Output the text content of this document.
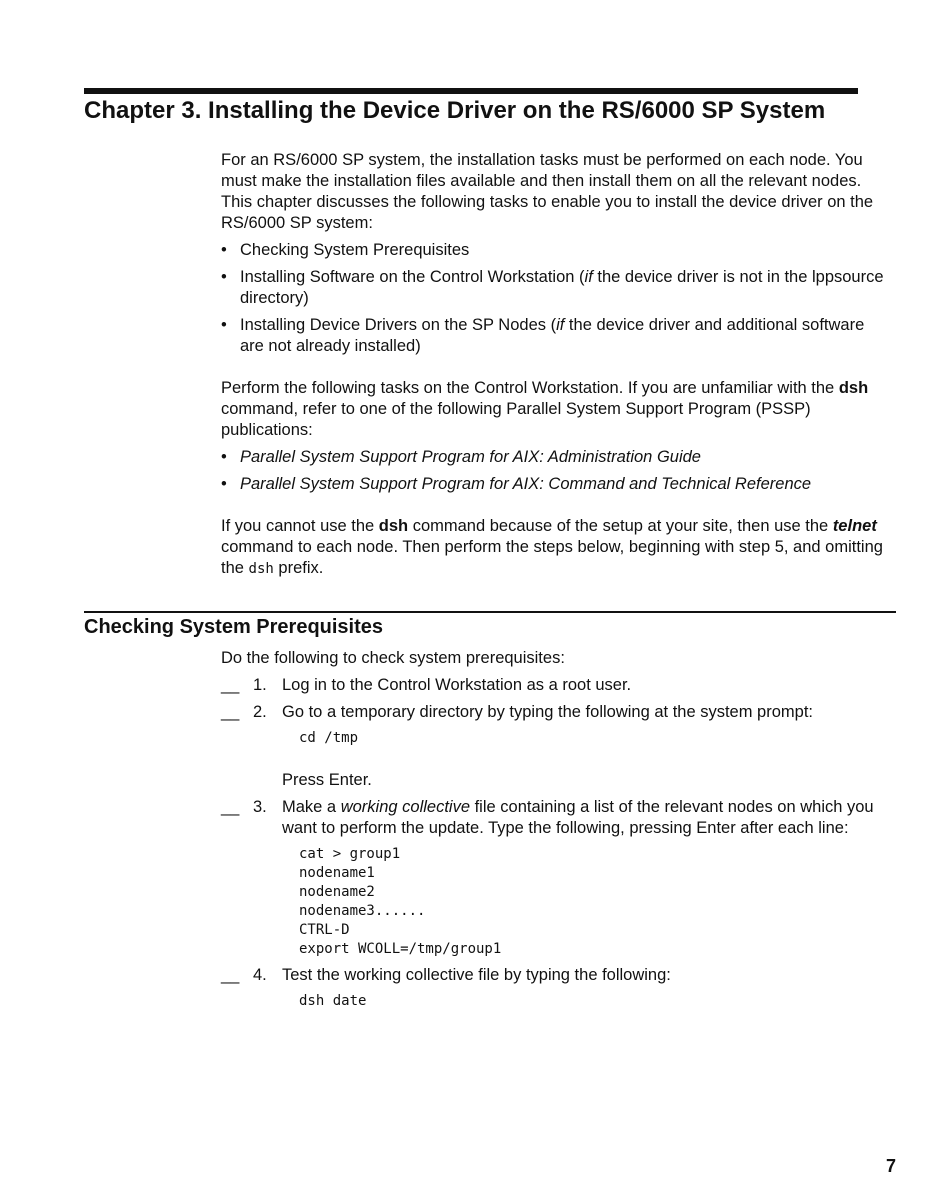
Chapter 3. Installing the Device Driver on the RS/6000 SP System

For an RS/6000 SP system, the installation tasks must be performed on each node. You must make the installation files available and then install them on all the relevant nodes. This chapter discusses the following tasks to enable you to install the device driver on the RS/6000 SP system:

• Checking System Prerequisites
• Installing Software on the Control Workstation (if the device driver is not in the lppsource directory)
• Installing Device Drivers on the SP Nodes (if the device driver and additional software are not already installed)

Perform the following tasks on the Control Workstation. If you are unfamiliar with the dsh command, refer to one of the following Parallel System Support Program (PSSP) publications:

• Parallel System Support Program for AIX: Administration Guide
• Parallel System Support Program for AIX: Command and Technical Reference

If you cannot use the dsh command because of the setup at your site, then use the telnet command to each node. Then perform the steps below, beginning with step 5, and omitting the dsh prefix.

Checking System Prerequisites

Do the following to check system prerequisites:

__ 1. Log in to the Control Workstation as a root user.
__ 2. Go to a temporary directory by typing the following at the system prompt:
cd /tmp
Press Enter.
__ 3. Make a working collective file containing a list of the relevant nodes on which you want to perform the update. Type the following, pressing Enter after each line:
cat > group1
nodename1
nodename2
nodename3......
CTRL-D
export WCOLL=/tmp/group1
__ 4. Test the working collective file by typing the following:
dsh date
7
